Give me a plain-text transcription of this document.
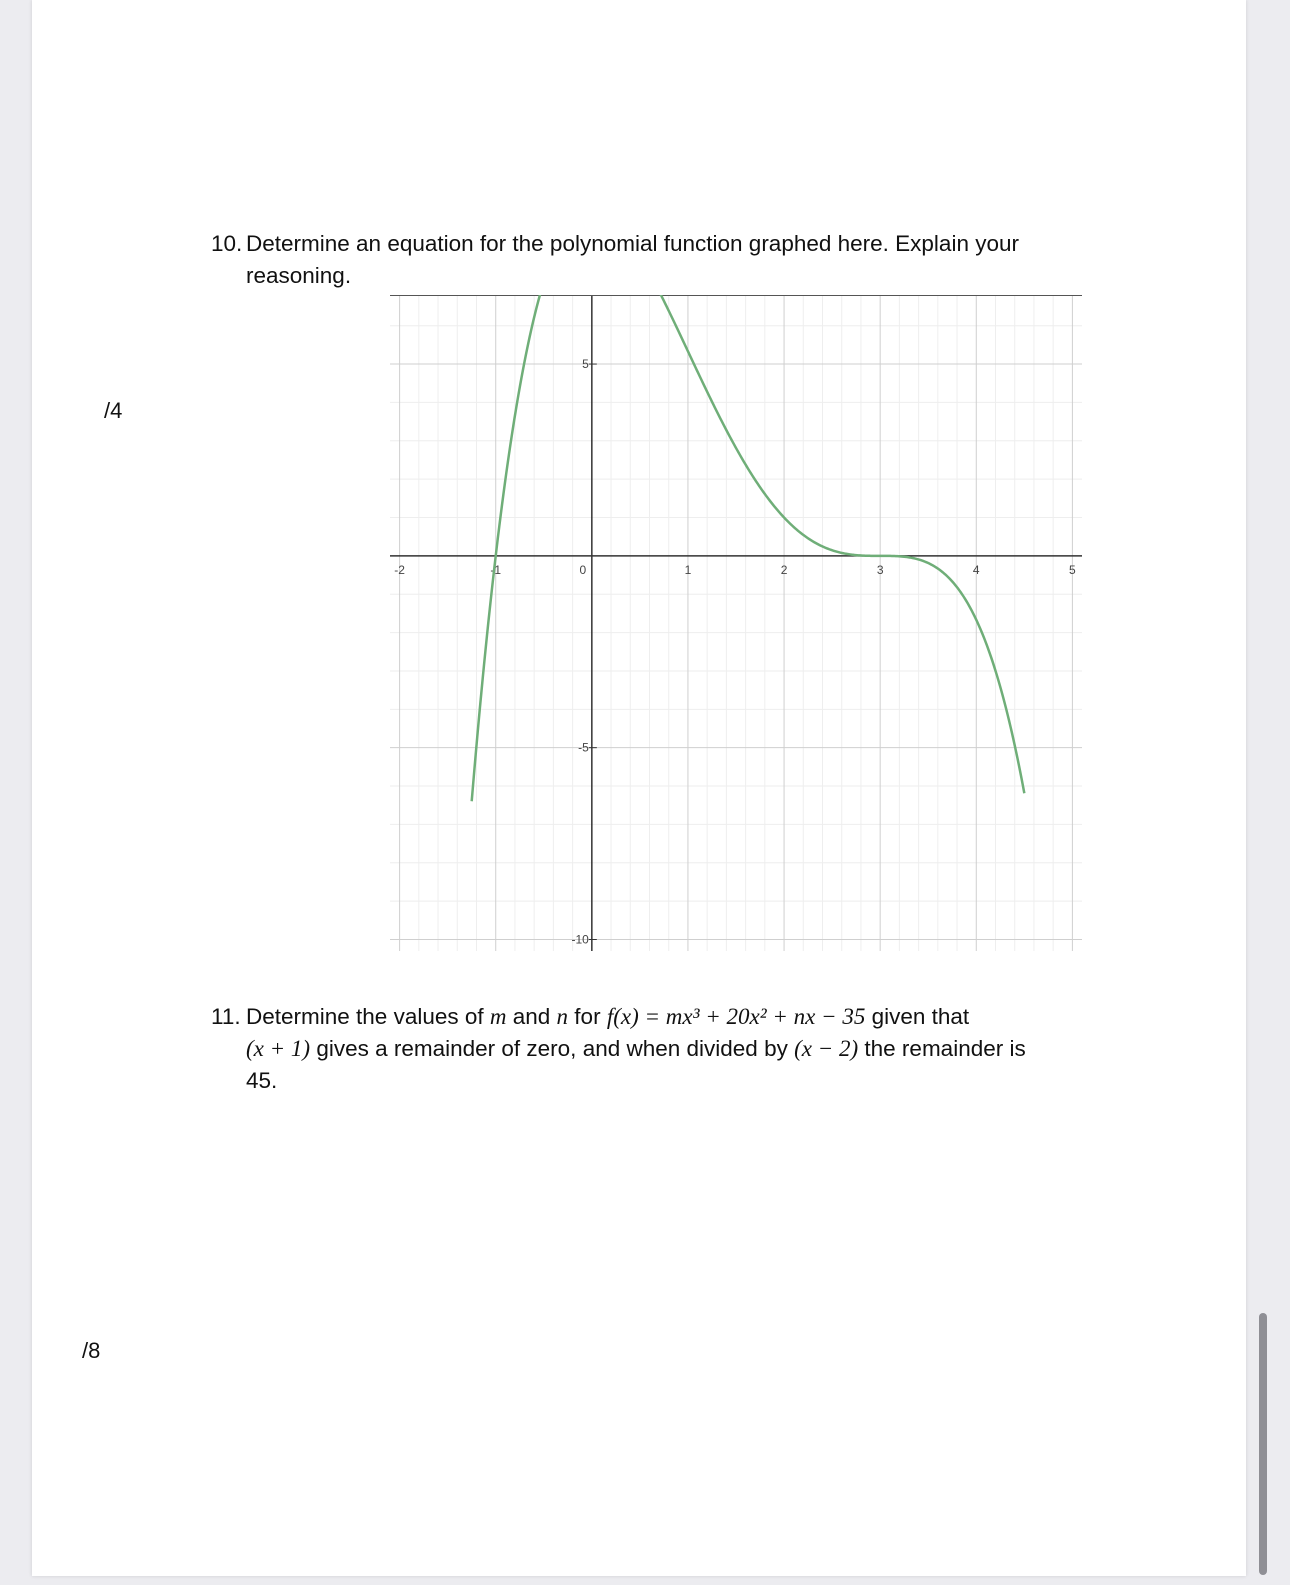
/4
/8
10. Determine an equation for the polynomial function graphed here. Explain your
reasoning.
-2	-1	0	1	2	3	4	5
5
-5
-10
11. Determine the values of m and n for f(x) = mx³ + 20x² + nx − 35 given that
(x + 1) gives a remainder of zero, and when divided by (x − 2) the remainder is
45.
